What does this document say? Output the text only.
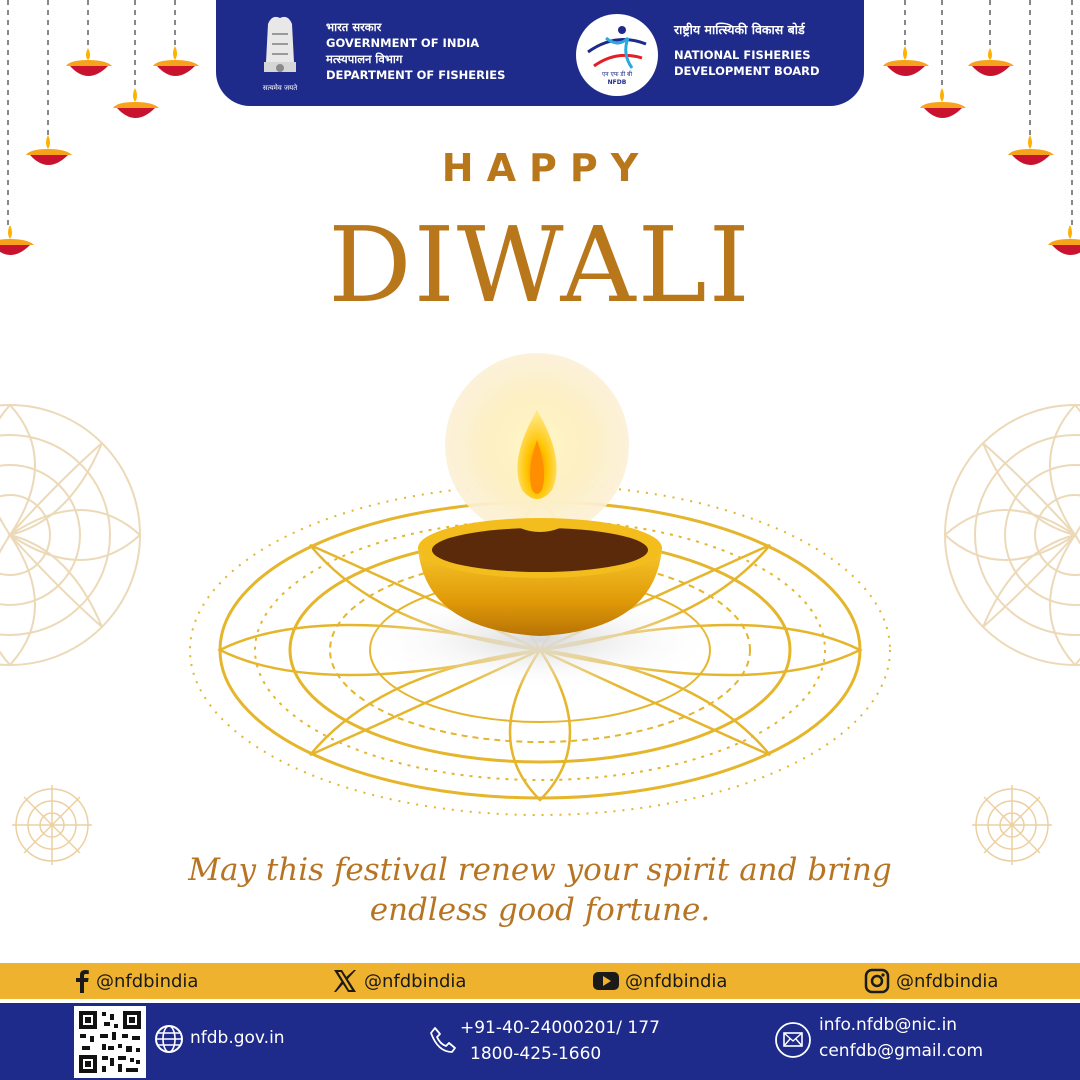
सत्यमेव जयते
भारत सरकार
GOVERNMENT OF INDIA
मत्स्यपालन विभाग
DEPARTMENT OF FISHERIES	एन एफ डी बी
NFDB
राष्ट्रीय मात्स्यिकी विकास बोर्ड
NATIONAL FISHERIES
DEVELOPMENT BOARD
HAPPY
DIWALI
May this festival renew your spirit and bring
endless good fortune.
@nfdbindia	@nfdbindia	@nfdbindia	@nfdbindia
nfdb.gov.in	+91-40-24000201/ 177
1800-425-1660
info.nfdb@nic.in
cenfdb@gmail.com
